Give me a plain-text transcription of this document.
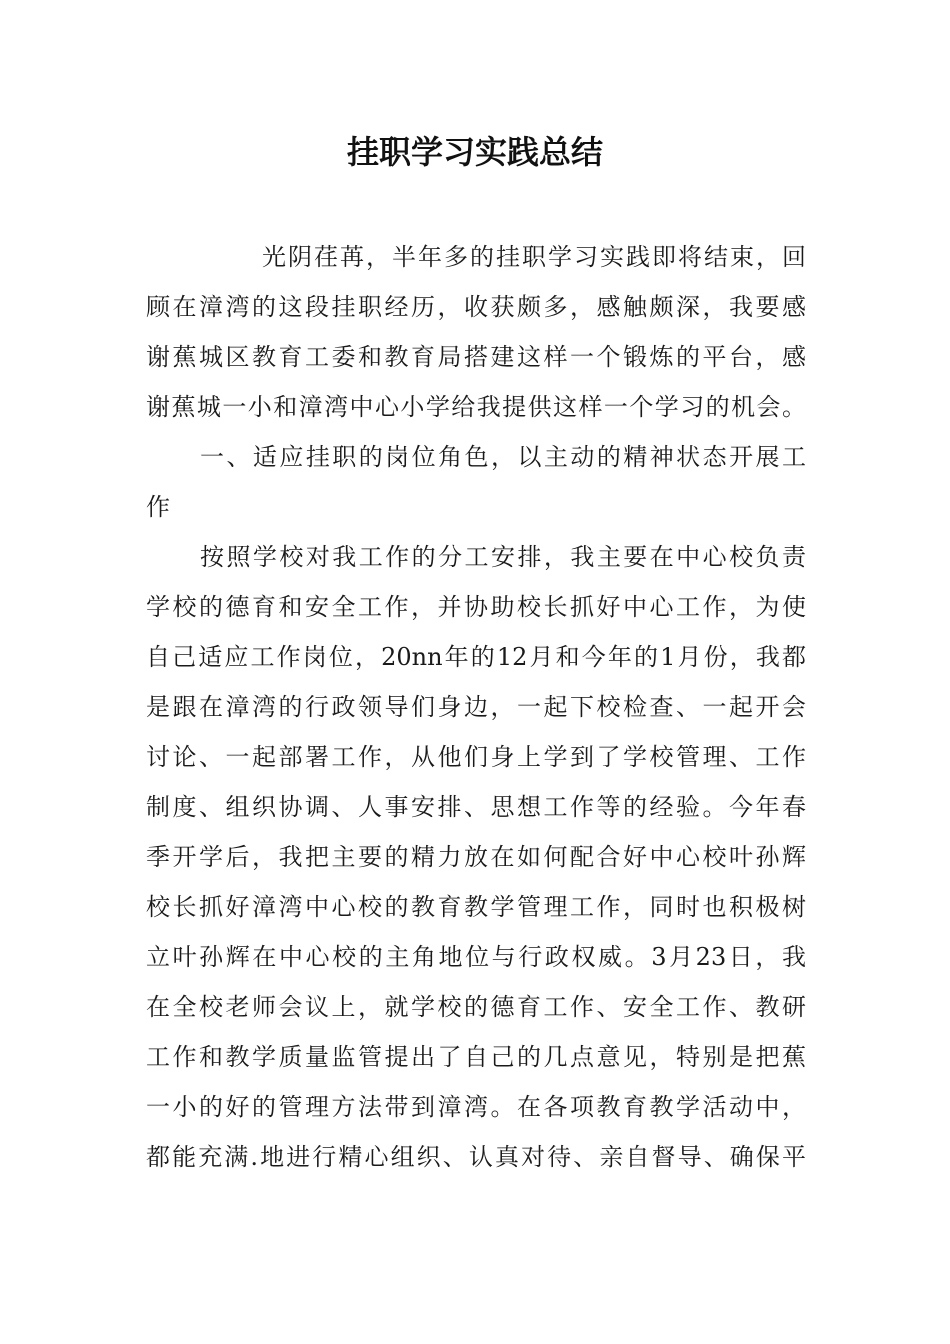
挂职学习实践总结
光阴荏苒，半年多的挂职学习实践即将结束，回
顾在漳湾的这段挂职经历，收获颇多，感触颇深，我要感
谢蕉城区教育工委和教育局搭建这样一个锻炼的平台，感
谢蕉城一小和漳湾中心小学给我提供这样一个学习的机会。
一、适应挂职的岗位角色，以主动的精神状态开展工
作
按照学校对我工作的分工安排，我主要在中心校负责
学校的德育和安全工作，并协助校长抓好中心工作，为使
自己适应工作岗位，20nn年的12月和今年的1月份，我都
是跟在漳湾的行政领导们身边，一起下校检查、一起开会
讨论、一起部署工作，从他们身上学到了学校管理、工作
制度、组织协调、人事安排、思想工作等的经验。今年春
季开学后，我把主要的精力放在如何配合好中心校叶孙辉
校长抓好漳湾中心校的教育教学管理工作，同时也积极树
立叶孙辉在中心校的主角地位与行政权威。3月23日，我
在全校老师会议上，就学校的德育工作、安全工作、教研
工作和教学质量监管提出了自己的几点意见，特别是把蕉
一小的好的管理方法带到漳湾。在各项教育教学活动中，
都能充满.地进行精心组织、认真对待、亲自督导、确保平
